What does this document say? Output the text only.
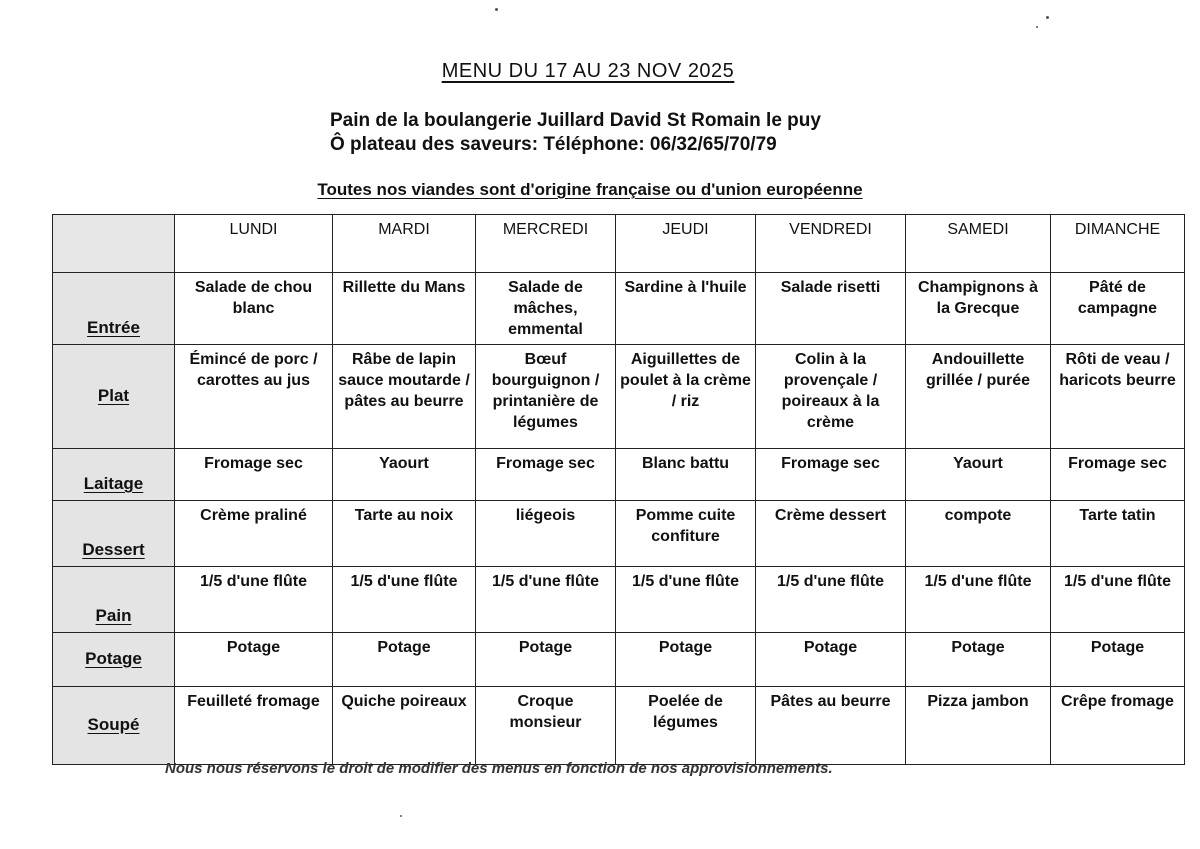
MENU DU 17 AU 23 NOV 2025
Pain de la boulangerie Juillard David St Romain le puy
Ô plateau des saveurs: Téléphone: 06/32/65/70/79
Toutes nos viandes sont d'origine française ou d'union européenne
	LUNDI	MARDI	MERCREDI	JEUDI	VENDREDI	SAMEDI	DIMANCHE
Entrée	Salade de chou blanc	Rillette du Mans	Salade de mâches, emmental	Sardine à l'huile	Salade risetti	Champignons à la Grecque	Pâté de campagne
Plat	Émincé de porc / carottes au jus	Râbe de lapin sauce moutarde / pâtes au beurre	Bœuf bourguignon / printanière de légumes	Aiguillettes de poulet à la crème / riz	Colin à la provençale / poireaux à la crème	Andouillette grillée / purée	Rôti de veau / haricots beurre
Laitage	Fromage sec	Yaourt	Fromage sec	Blanc battu	Fromage sec	Yaourt	Fromage sec
Dessert	Crème praliné	Tarte au noix	liégeois	Pomme cuite confiture	Crème dessert	compote	Tarte tatin
Pain	1/5 d'une flûte	1/5 d'une flûte	1/5 d'une flûte	1/5 d'une flûte	1/5 d'une flûte	1/5 d'une flûte	1/5 d'une flûte
Potage	Potage	Potage	Potage	Potage	Potage	Potage	Potage
Soupé	Feuilleté fromage	Quiche poireaux	Croque monsieur	Poelée de légumes	Pâtes au beurre	Pizza jambon	Crêpe fromage
Nous nous réservons le droit de modifier des menus en fonction de nos approvisionnements.
